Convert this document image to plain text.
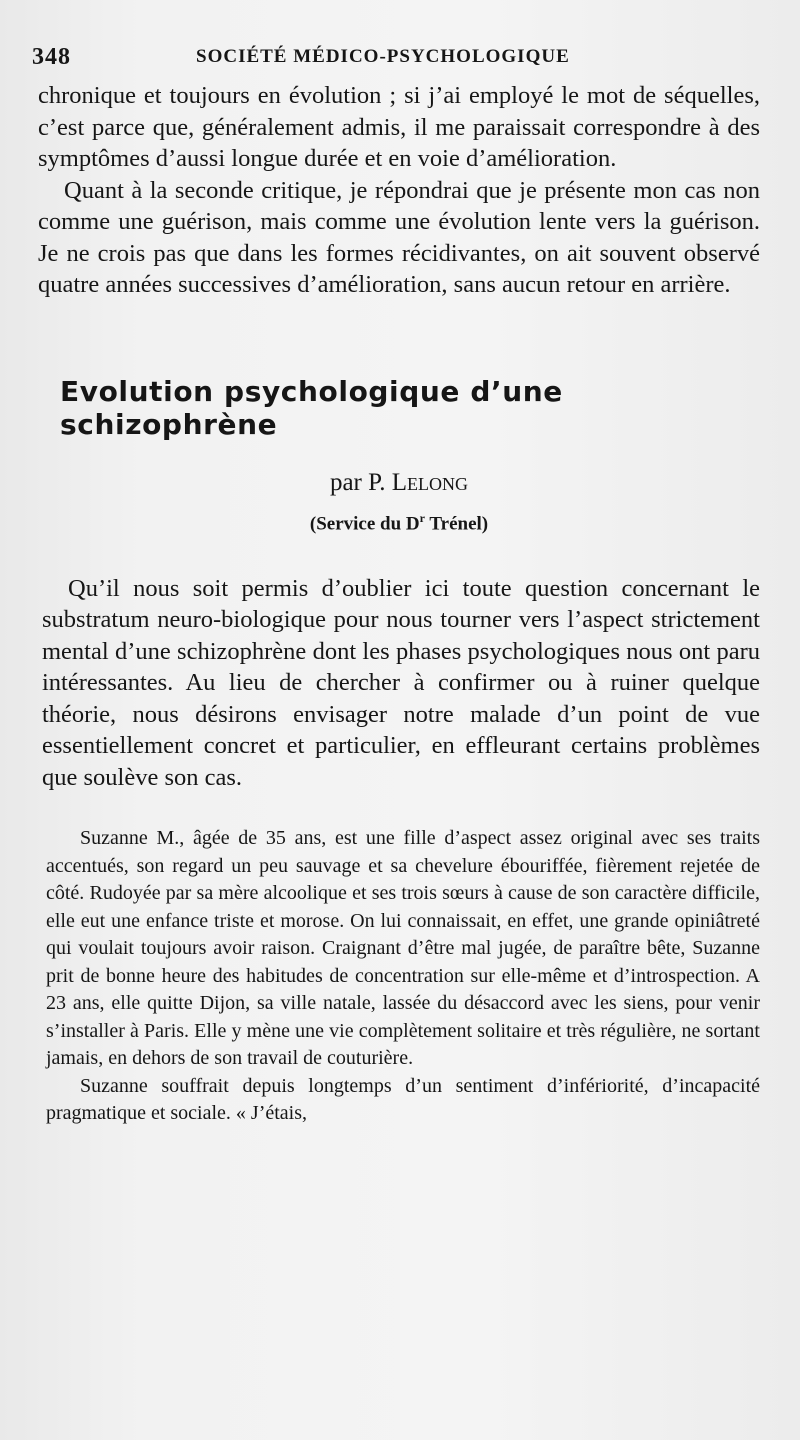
348	SOCIÉTÉ MÉDICO-PSYCHOLOGIQUE

chronique et toujours en évolution ; si j’ai employé le mot de séquelles, c’est parce que, généralement admis, il me paraissait correspondre à des symptômes d’aussi longue durée et en voie d’amélioration.

Quant à la seconde critique, je répondrai que je présente mon cas non comme une guérison, mais comme une évolution lente vers la guérison. Je ne crois pas que dans les formes récidivantes, on ait souvent observé quatre années successives d’amélioration, sans aucun retour en arrière.

Evolution psychologique d’une schizophrène
par P. Lelong
(Service du $D^r$ Trénel)

Qu’il nous soit permis d’oublier ici toute question concernant le substratum neuro-biologique pour nous tourner vers l’aspect strictement mental d’une schizophrène dont les phases psychologiques nous ont paru intéressantes. Au lieu de chercher à confirmer ou à ruiner quelque théorie, nous désirons envisager notre malade d’un point de vue essentiellement concret et particulier, en effleurant certains problèmes que soulève son cas.

Suzanne M., âgée de 35 ans, est une fille d’aspect assez original avec ses traits accentués, son regard un peu sauvage et sa chevelure ébouriffée, fièrement rejetée de côté. Rudoyée par sa mère alcoolique et ses trois sœurs à cause de son caractère difficile, elle eut une enfance triste et morose. On lui connaissait, en effet, une grande opiniâtreté qui voulait toujours avoir raison. Craignant d’être mal jugée, de paraître bête, Suzanne prit de bonne heure des habitudes de concentration sur elle-même et d’introspection. A 23 ans, elle quitte Dijon, sa ville natale, lassée du désaccord avec les siens, pour venir s’installer à Paris. Elle y mène une vie complètement solitaire et très régulière, ne sortant jamais, en dehors de son travail de couturière.

Suzanne souffrait depuis longtemps d’un sentiment d’infériorité, d’incapacité pragmatique et sociale. « J’étais,
